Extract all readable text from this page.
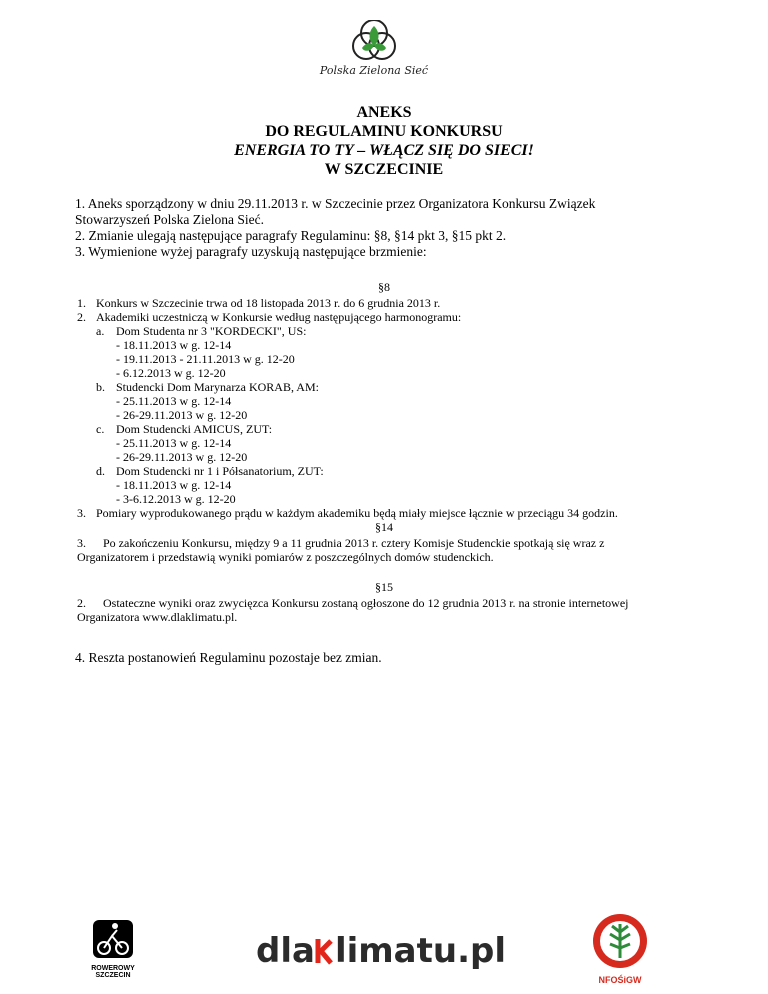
Polska Zielona Sieć
ANEKS
DO REGULAMINU KONKURSU
ENERGIA TO TY – WŁĄCZ SIĘ DO SIECI!
W SZCZECINIE
1. Aneks sporządzony w dniu 29.11.2013 r. w Szczecinie przez Organizatora Konkursu Związek
Stowarzyszeń Polska Zielona Sieć.
2. Zmianie ulegają następujące paragrafy Regulaminu: §8, §14 pkt 3, §15 pkt 2.
3. Wymienione wyżej paragrafy uzyskują następujące brzmienie:
§8
1. Konkurs w Szczecinie trwa od 18 listopada 2013 r. do 6 grudnia 2013 r.
2. Akademiki uczestniczą w Konkursie według następującego harmonogramu:
a. Dom Studenta nr 3 "KORDECKI", US:
- 18.11.2013 w g. 12-14
- 19.11.2013 - 21.11.2013 w g. 12-20
- 6.12.2013 w g. 12-20
b. Studencki Dom Marynarza KORAB, AM:
- 25.11.2013 w g. 12-14
- 26-29.11.2013 w g. 12-20
c. Dom Studencki AMICUS, ZUT:
- 25.11.2013 w g. 12-14
- 26-29.11.2013 w g. 12-20
d. Dom Studencki nr 1 i Półsanatorium, ZUT:
- 18.11.2013 w g. 12-14
- 3-6.12.2013 w g. 12-20
3. Pomiary wyprodukowanego prądu w każdym akademiku będą miały miejsce łącznie w przeciągu 34 godzin.
§14
3. Po zakończeniu Konkursu, między 9 a 11 grudnia 2013 r. cztery Komisje Studenckie spotkają się wraz z
Organizatorem i przedstawią wyniki pomiarów z poszczególnych domów studenckich.
§15
2. Ostateczne wyniki oraz zwycięzca Konkursu zostaną ogłoszone do 12 grudnia 2013 r. na stronie internetowej
Organizatora www.dlaklimatu.pl.
4. Reszta postanowień Regulaminu pozostaje bez zmian.
ROWEROWY
SZCZECIN
dla limatu.pl
NFOŚiGW
